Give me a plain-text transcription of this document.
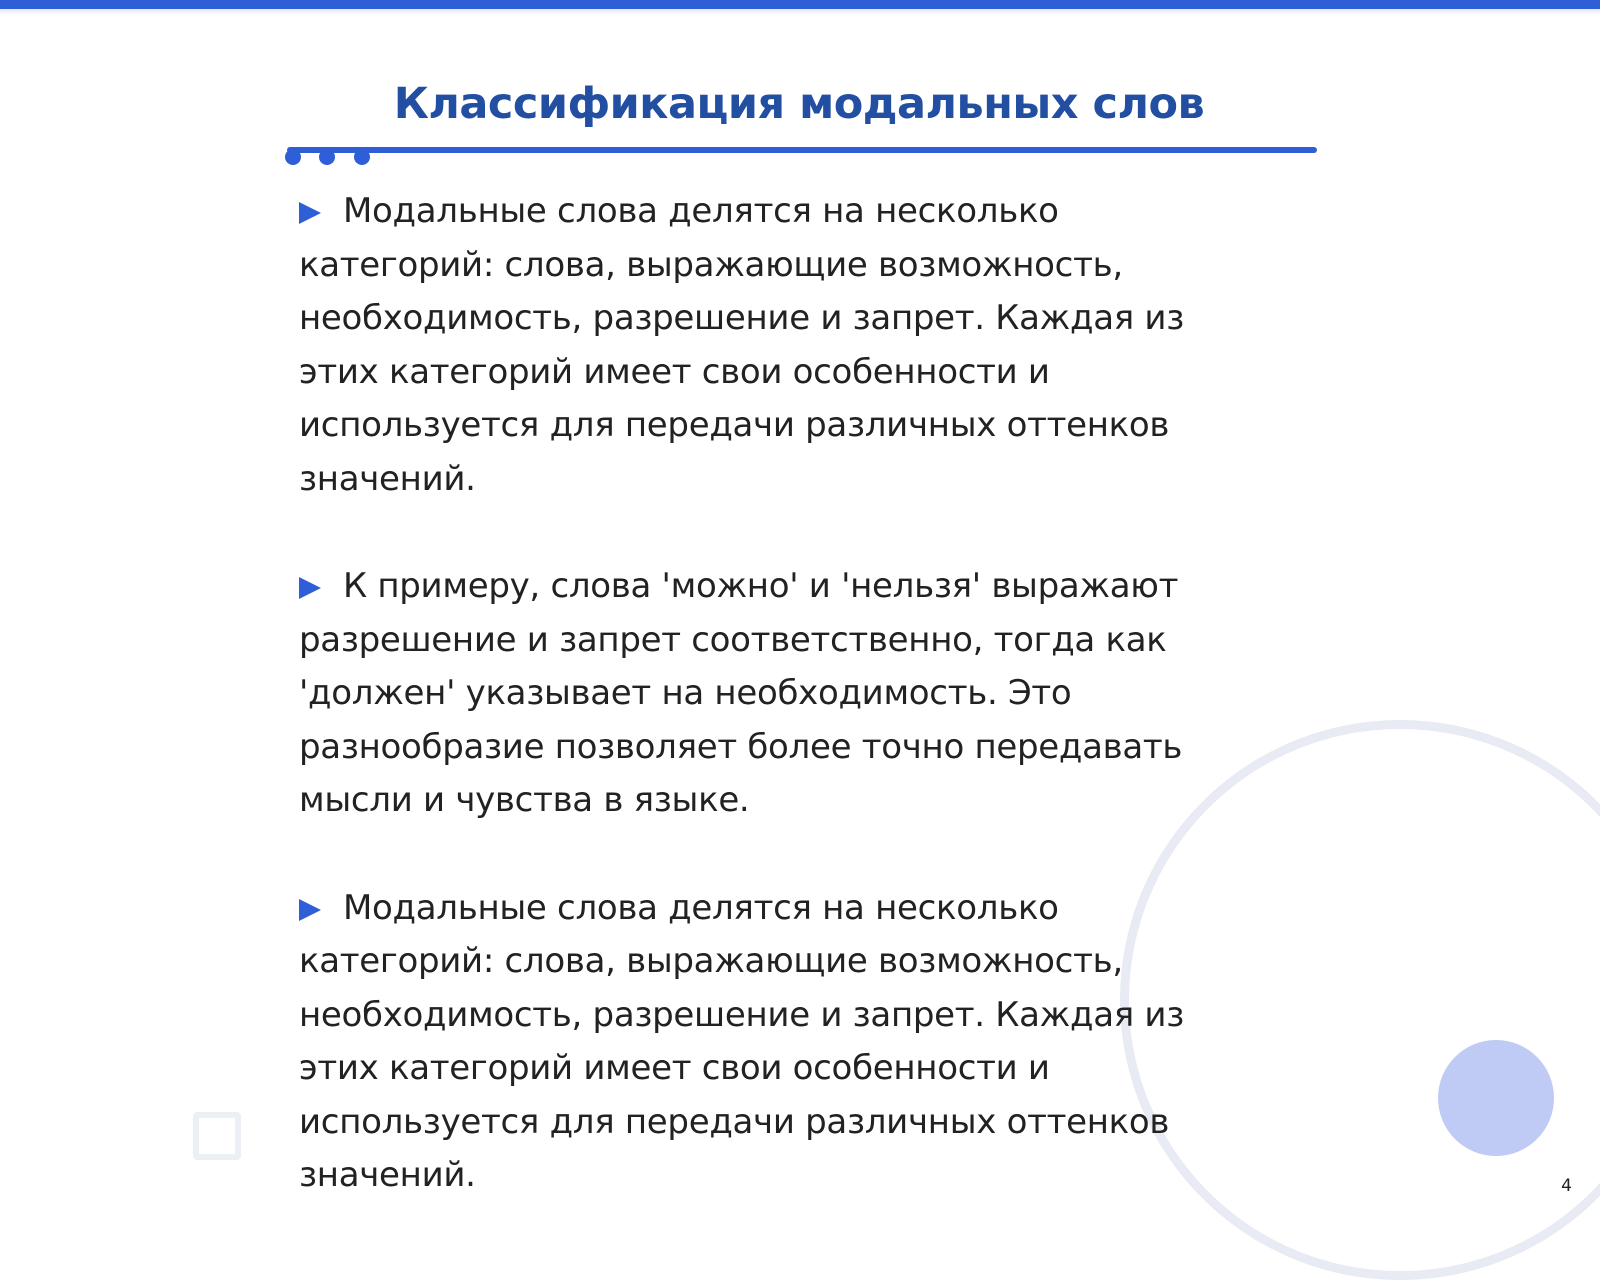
Классификация модальных слов

Модальные слова делятся на несколько категорий: слова, выражающие возможность, необходимость, разрешение и запрет. Каждая из этих категорий имеет свои особенности и используется для передачи различных оттенков значений.

К примеру, слова 'можно' и 'нельзя' выражают разрешение и запрет соответственно, тогда как 'должен' указывает на необходимость. Это разнообразие позволяет более точно передавать мысли и чувства в языке.

Модальные слова делятся на несколько категорий: слова, выражающие возможность, необходимость, разрешение и запрет. Каждая из этих категорий имеет свои особенности и используется для передачи различных оттенков значений.	4
